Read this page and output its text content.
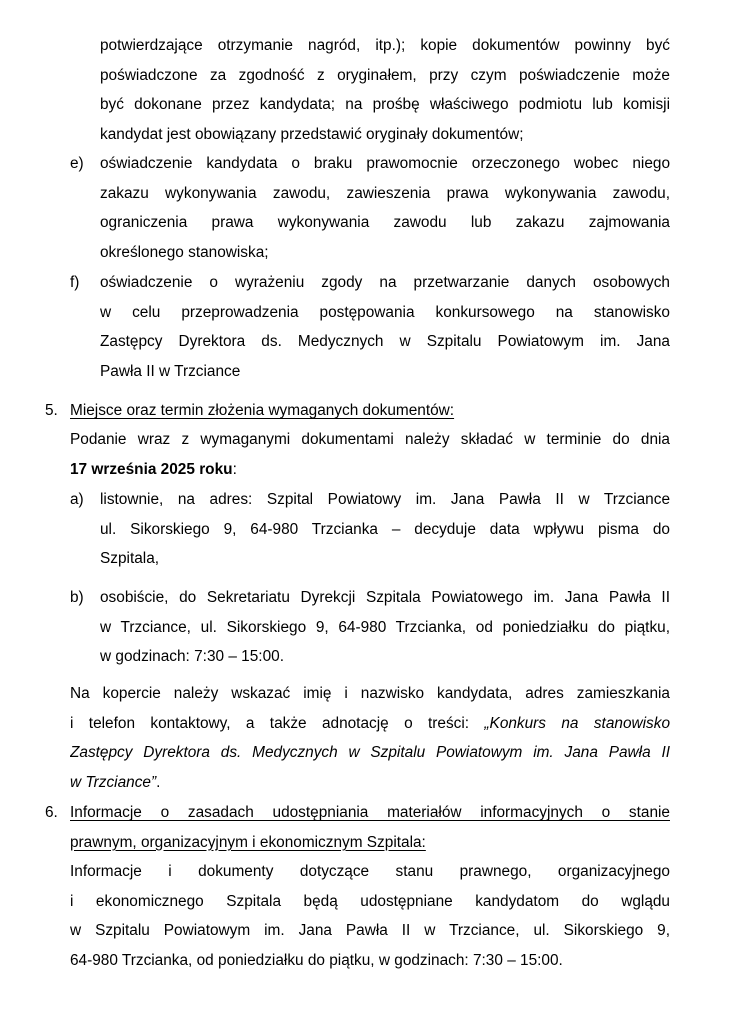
potwierdzające otrzymanie nagród, itp.); kopie dokumentów powinny być
poświadczone za zgodność z oryginałem, przy czym poświadczenie może
być dokonane przez kandydata; na prośbę właściwego podmiotu lub komisji
kandydat jest obowiązany przedstawić oryginały dokumentów;
e) oświadczenie kandydata o braku prawomocnie orzeczonego wobec niego
zakazu wykonywania zawodu, zawieszenia prawa wykonywania zawodu,
ograniczenia prawa wykonywania zawodu lub zakazu zajmowania
określonego stanowiska;
f) oświadczenie o wyrażeniu zgody na przetwarzanie danych osobowych
w celu przeprowadzenia postępowania konkursowego na stanowisko
Zastępcy Dyrektora ds. Medycznych w Szpitalu Powiatowym im. Jana
Pawła II w Trzciance
5. Miejsce oraz termin złożenia wymaganych dokumentów:
Podanie wraz z wymaganymi dokumentami należy składać w terminie do dnia
17 września 2025 roku:
a) listownie, na adres: Szpital Powiatowy im. Jana Pawła II w Trzciance
ul. Sikorskiego 9, 64-980 Trzcianka – decyduje data wpływu pisma do
Szpitala,
b) osobiście, do Sekretariatu Dyrekcji Szpitala Powiatowego im. Jana Pawła II
w Trzciance, ul. Sikorskiego 9, 64-980 Trzcianka, od poniedziałku do piątku,
w godzinach: 7:30 – 15:00.
Na kopercie należy wskazać imię i nazwisko kandydata, adres zamieszkania
i telefon kontaktowy, a także adnotację o treści: „Konkurs na stanowisko
Zastępcy Dyrektora ds. Medycznych w Szpitalu Powiatowym im. Jana Pawła II
w Trzciance”.
6. Informacje o zasadach udostępniania materiałów informacyjnych o stanie
prawnym, organizacyjnym i ekonomicznym Szpitala:
Informacje i dokumenty dotyczące stanu prawnego, organizacyjnego
i ekonomicznego Szpitala będą udostępniane kandydatom do wglądu
w Szpitalu Powiatowym im. Jana Pawła II w Trzciance, ul. Sikorskiego 9,
64-980 Trzcianka, od poniedziałku do piątku, w godzinach: 7:30 – 15:00.
